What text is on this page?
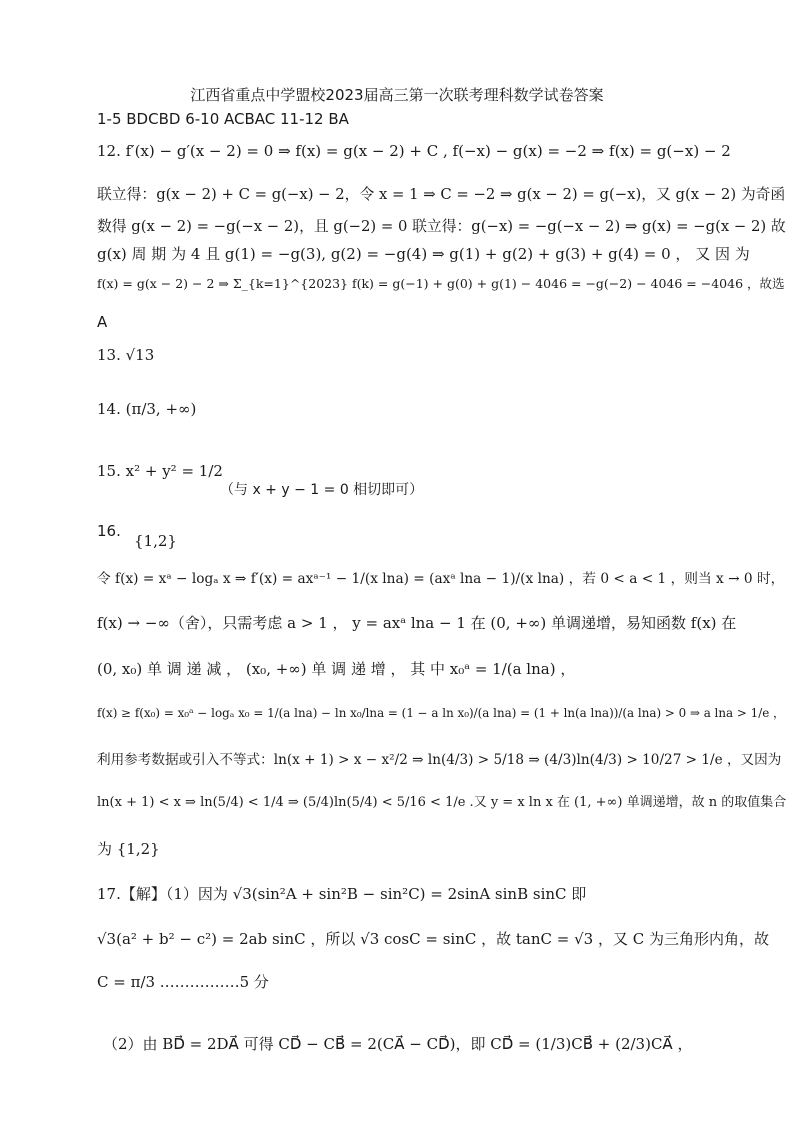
江西省重点中学盟校2023届高三第一次联考理科数学试卷答案
1-5 BDCBD 6-10 ACBAC 11-12 BA
12. f′(x) − g′(x − 2) = 0 ⇒ f(x) = g(x − 2) + C , f(−x) − g(x) = −2 ⇒ f(x) = g(−x) − 2
联立得：g(x − 2) + C = g(−x) − 2，令 x = 1 ⇒ C = −2 ⇒ g(x − 2) = g(−x)，又 g(x − 2) 为奇函
数得 g(x − 2) = −g(−x − 2)，且 g(−2) = 0 联立得：g(−x) = −g(−x − 2) ⇒ g(x) = −g(x − 2) 故
g(x) 周 期 为 4 且 g(1) = −g(3), g(2) = −g(4) ⇒ g(1) + g(2) + g(3) + g(4) = 0 ， 又 因 为
f(x) = g(x − 2) − 2 ⇒ Σ_{k=1}^{2023} f(k) = g(−1) + g(0) + g(1) − 4046 = −g(−2) − 4046 = −4046 ，故选
A
13. √13
14. (π/3, +∞)
15. x² + y² = 1/2
（与 x + y − 1 = 0 相切即可）
16.
{1,2}
令 f(x) = xᵃ − logₐ x ⇒ f′(x) = axᵃ⁻¹ − 1/(x lna) = (axᵃ lna − 1)/(x lna) ，若 0 < a < 1 ，则当 x → 0 时，
f(x) → −∞（舍），只需考虑 a > 1 ， y = axᵃ lna − 1 在 (0, +∞) 单调递增，易知函数 f(x) 在
(0, x₀) 单 调 递 减 ， (x₀, +∞) 单 调 递 增 ， 其 中 x₀ᵃ = 1/(a lna) ，
f(x) ≥ f(x₀) = x₀ᵃ − logₐ x₀ = 1/(a lna) − ln x₀/lna = (1 − a ln x₀)/(a lna) = (1 + ln(a lna))/(a lna) > 0 ⇒ a lna > 1/e ，
利用参考数据或引入不等式：ln(x + 1) > x − x²/2 ⇒ ln(4/3) > 5/18 ⇒ (4/3)ln(4/3) > 10/27 > 1/e ，又因为
ln(x + 1) < x ⇒ ln(5/4) < 1/4 ⇒ (5/4)ln(5/4) < 5/16 < 1/e .又 y = x ln x 在 (1, +∞) 单调递增，故 n 的取值集合
为 {1,2}
17.【解】（1）因为 √3(sin²A + sin²B − sin²C) = 2sinA sinB sinC 即
√3(a² + b² − c²) = 2ab sinC ，所以 √3 cosC = sinC ，故 tanC = √3 ，又 C 为三角形内角，故
C = π/3 .……………5 分
（2）由 BD⃗ = 2DA⃗ 可得 CD⃗ − CB⃗ = 2(CA⃗ − CD⃗)，即 CD⃗ = (1/3)CB⃗ + (2/3)CA⃗ ，
